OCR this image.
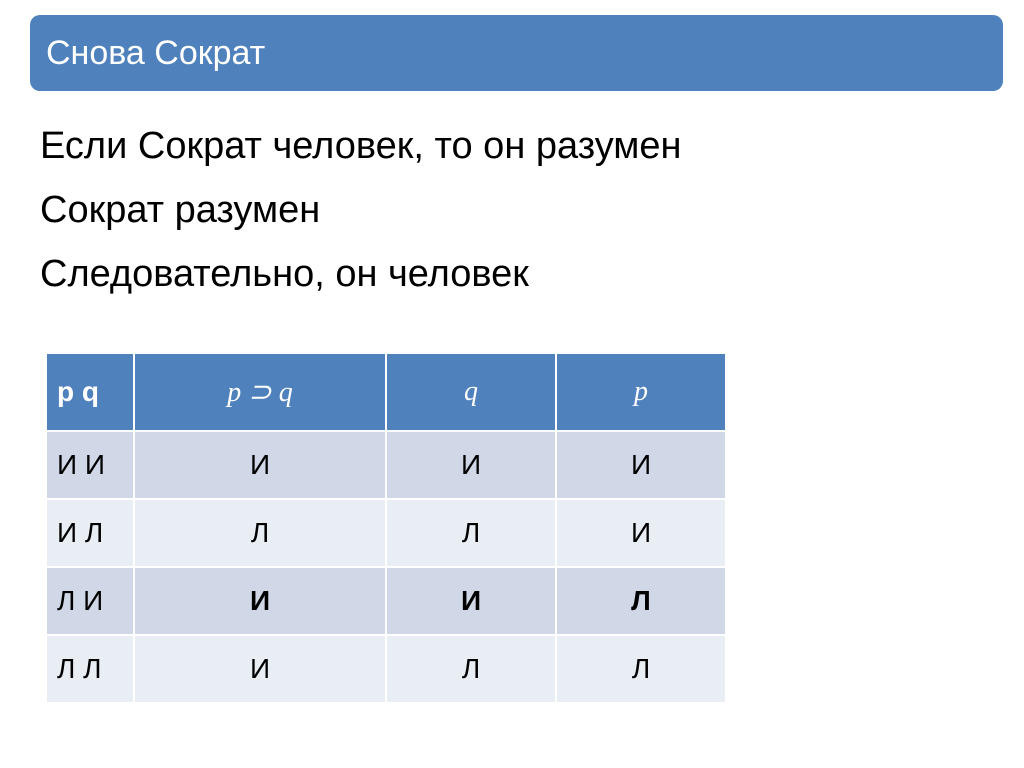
Снова Сократ
Если Сократ человек, то он разумен
Сократ разумен
Следовательно, он человек
p q	p ⊃ q	q	p
И И	И	И	И
И Л	Л	Л	И
Л И	И	И	Л
Л Л	И	Л	Л
